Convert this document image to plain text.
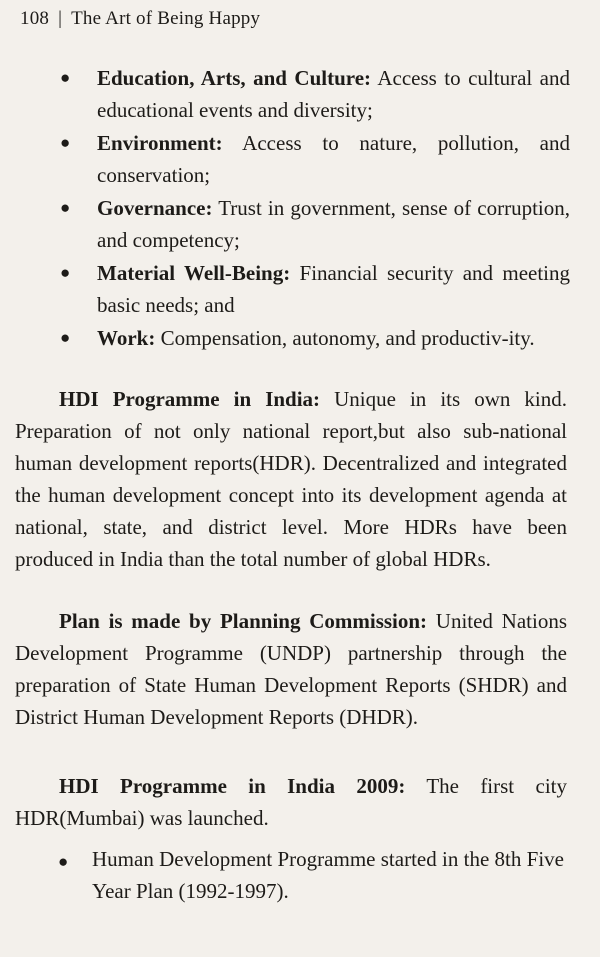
108 | The Art of Being Happy
● Education, Arts, and Culture: Access to cultural and educational events and diversity;
● Environment: Access to nature, pollution, and conservation;
● Governance: Trust in government, sense of corruption, and competency;
● Material Well-Being: Financial security and meeting basic needs; and
● Work: Compensation, autonomy, and productiv-ity.

HDI Programme in India: Unique in its own kind. Preparation of not only national report,but also sub-national human development reports(HDR). Decentralized and integrated the human development concept into its development agenda at national, state, and district level. More HDRs have been produced in India than the total number of global HDRs.

Plan is made by Planning Commission: United Nations Development Programme (UNDP) partnership through the preparation of State Human Development Reports (SHDR) and District Human Development Reports (DHDR).

HDI Programme in India 2009: The first city HDR(Mumbai) was launched.

● Human Development Programme started in the 8th Five Year Plan (1992-1997).
